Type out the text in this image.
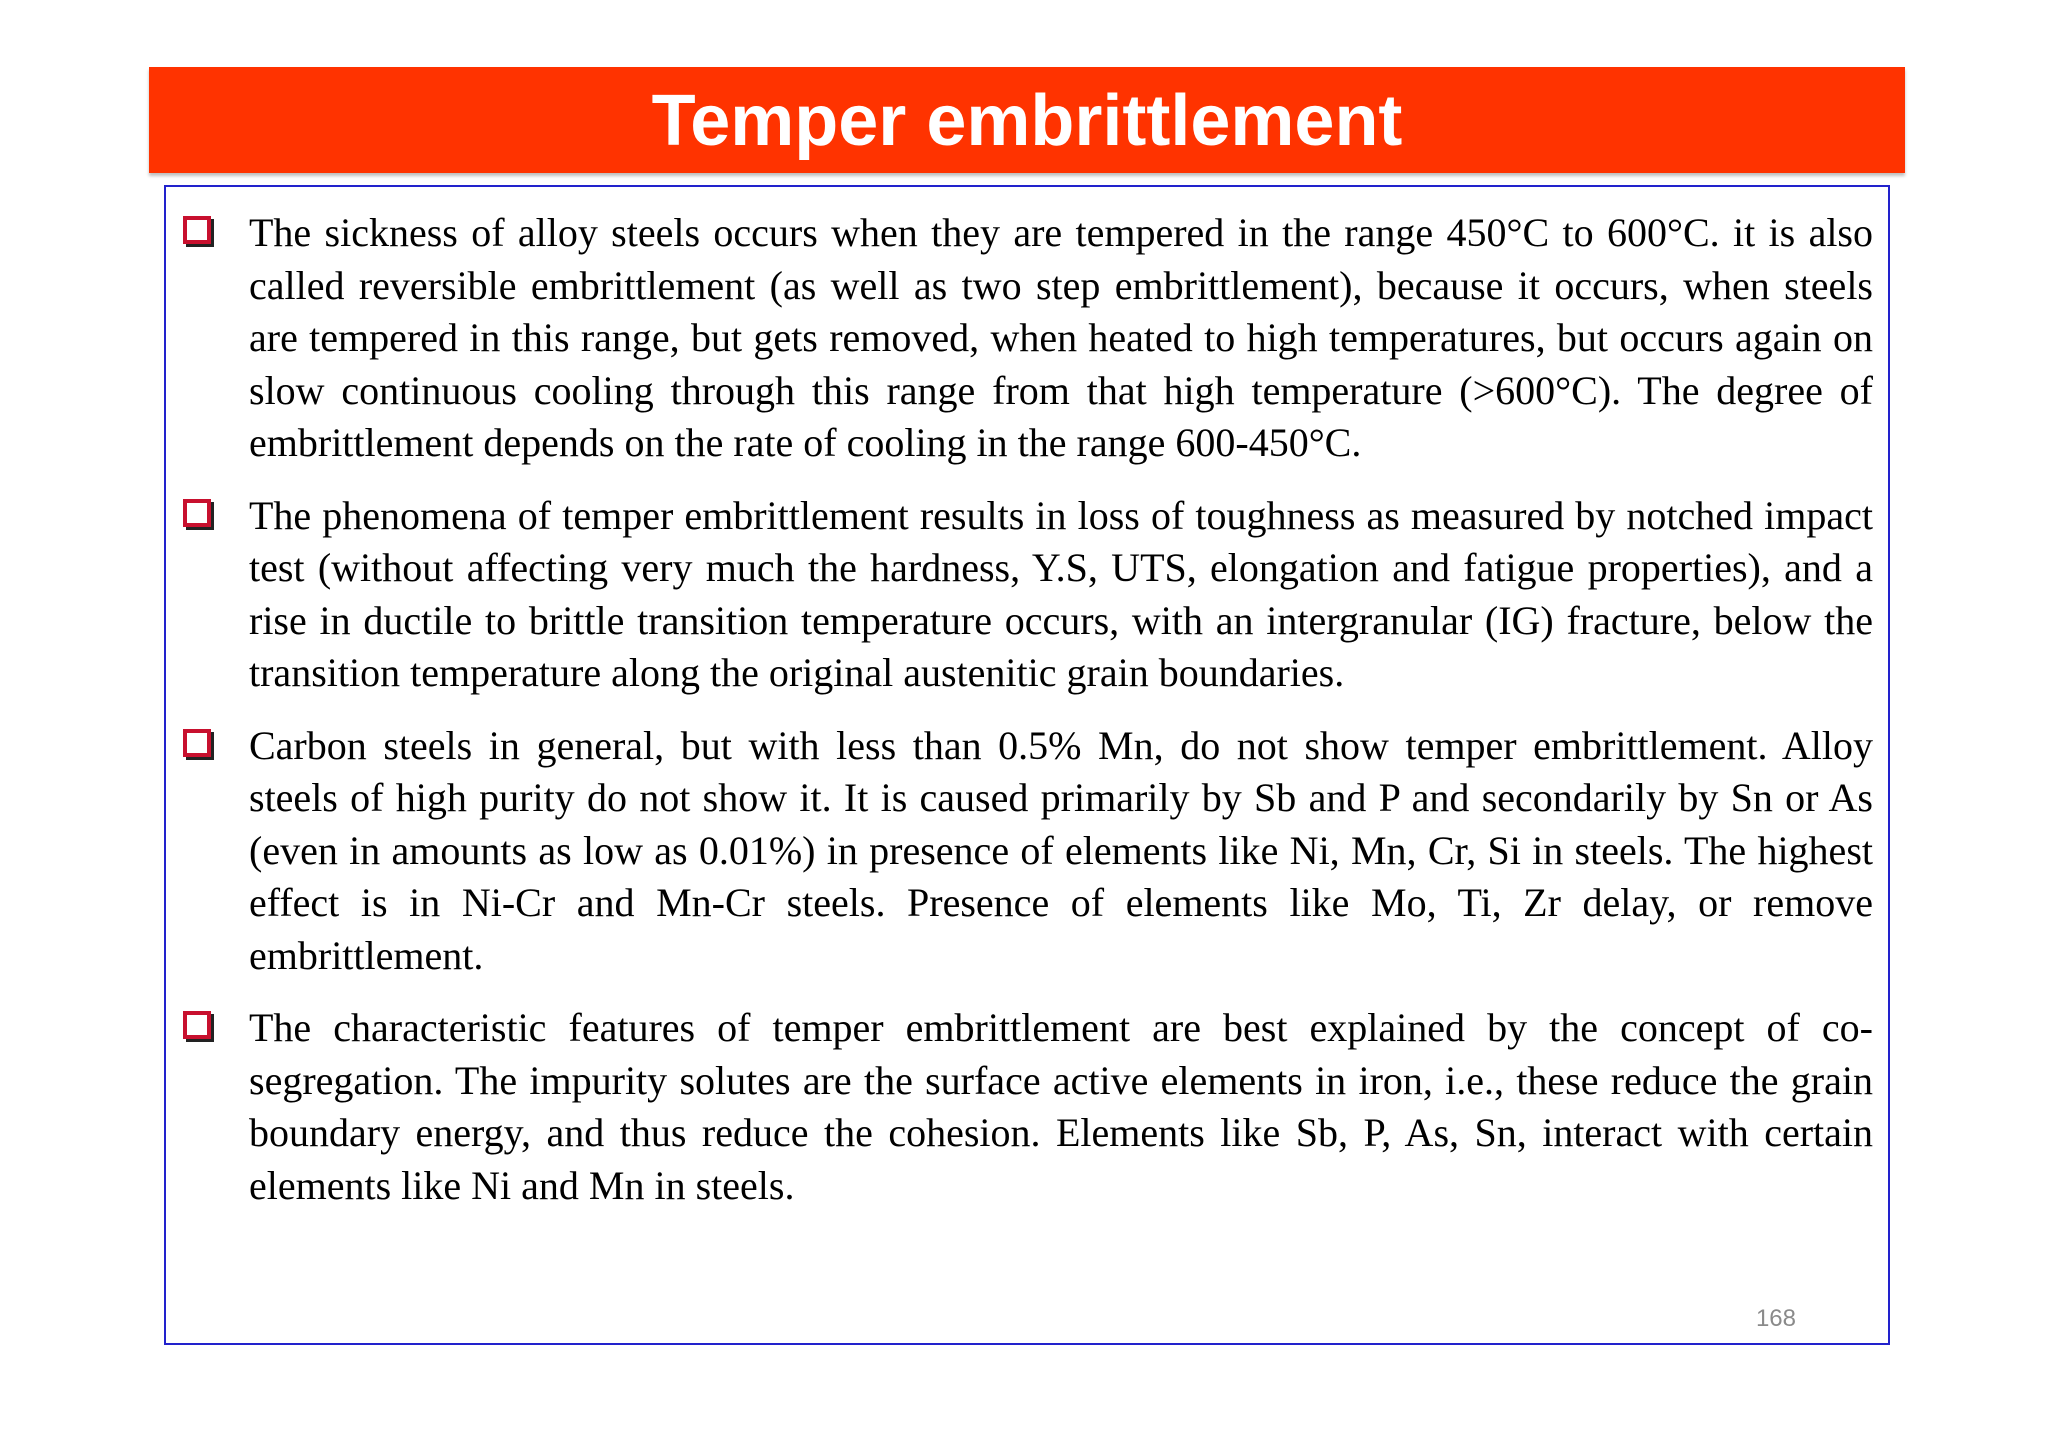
Temper embrittlement

The sickness of alloy steels occurs when they are tempered in the range 450°C to 600°C. it is also called reversible embrittlement (as well as two step embrittlement), because it occurs, when steels are tempered in this range, but gets removed, when heated to high temperatures, but occurs again on slow continuous cooling through this range from that high temperature (>600°C). The degree of embrittlement depends on the rate of cooling in the range 600-450°C.

The phenomena of temper embrittlement results in loss of toughness as measured by notched impact test (without affecting very much the hardness, Y.S, UTS, elongation and fatigue properties), and a rise in ductile to brittle transition temperature occurs, with an intergranular (IG) fracture, below the transition temperature along the original austenitic grain boundaries.

Carbon steels in general, but with less than 0.5% Mn, do not show temper embrittlement. Alloy steels of high purity do not show it. It is caused primarily by Sb and P and secondarily by Sn or As (even in amounts as low as 0.01%) in presence of elements like Ni, Mn, Cr, Si in steels. The highest effect is in Ni-Cr and Mn-Cr steels. Presence of elements like Mo, Ti, Zr delay, or remove embrittlement.

The characteristic features of temper embrittlement are best explained by the concept of co-segregation. The impurity solutes are the surface active elements in iron, i.e., these reduce the grain boundary energy, and thus reduce the cohesion. Elements like Sb, P, As, Sn, interact with certain elements like Ni and Mn in steels.

168
